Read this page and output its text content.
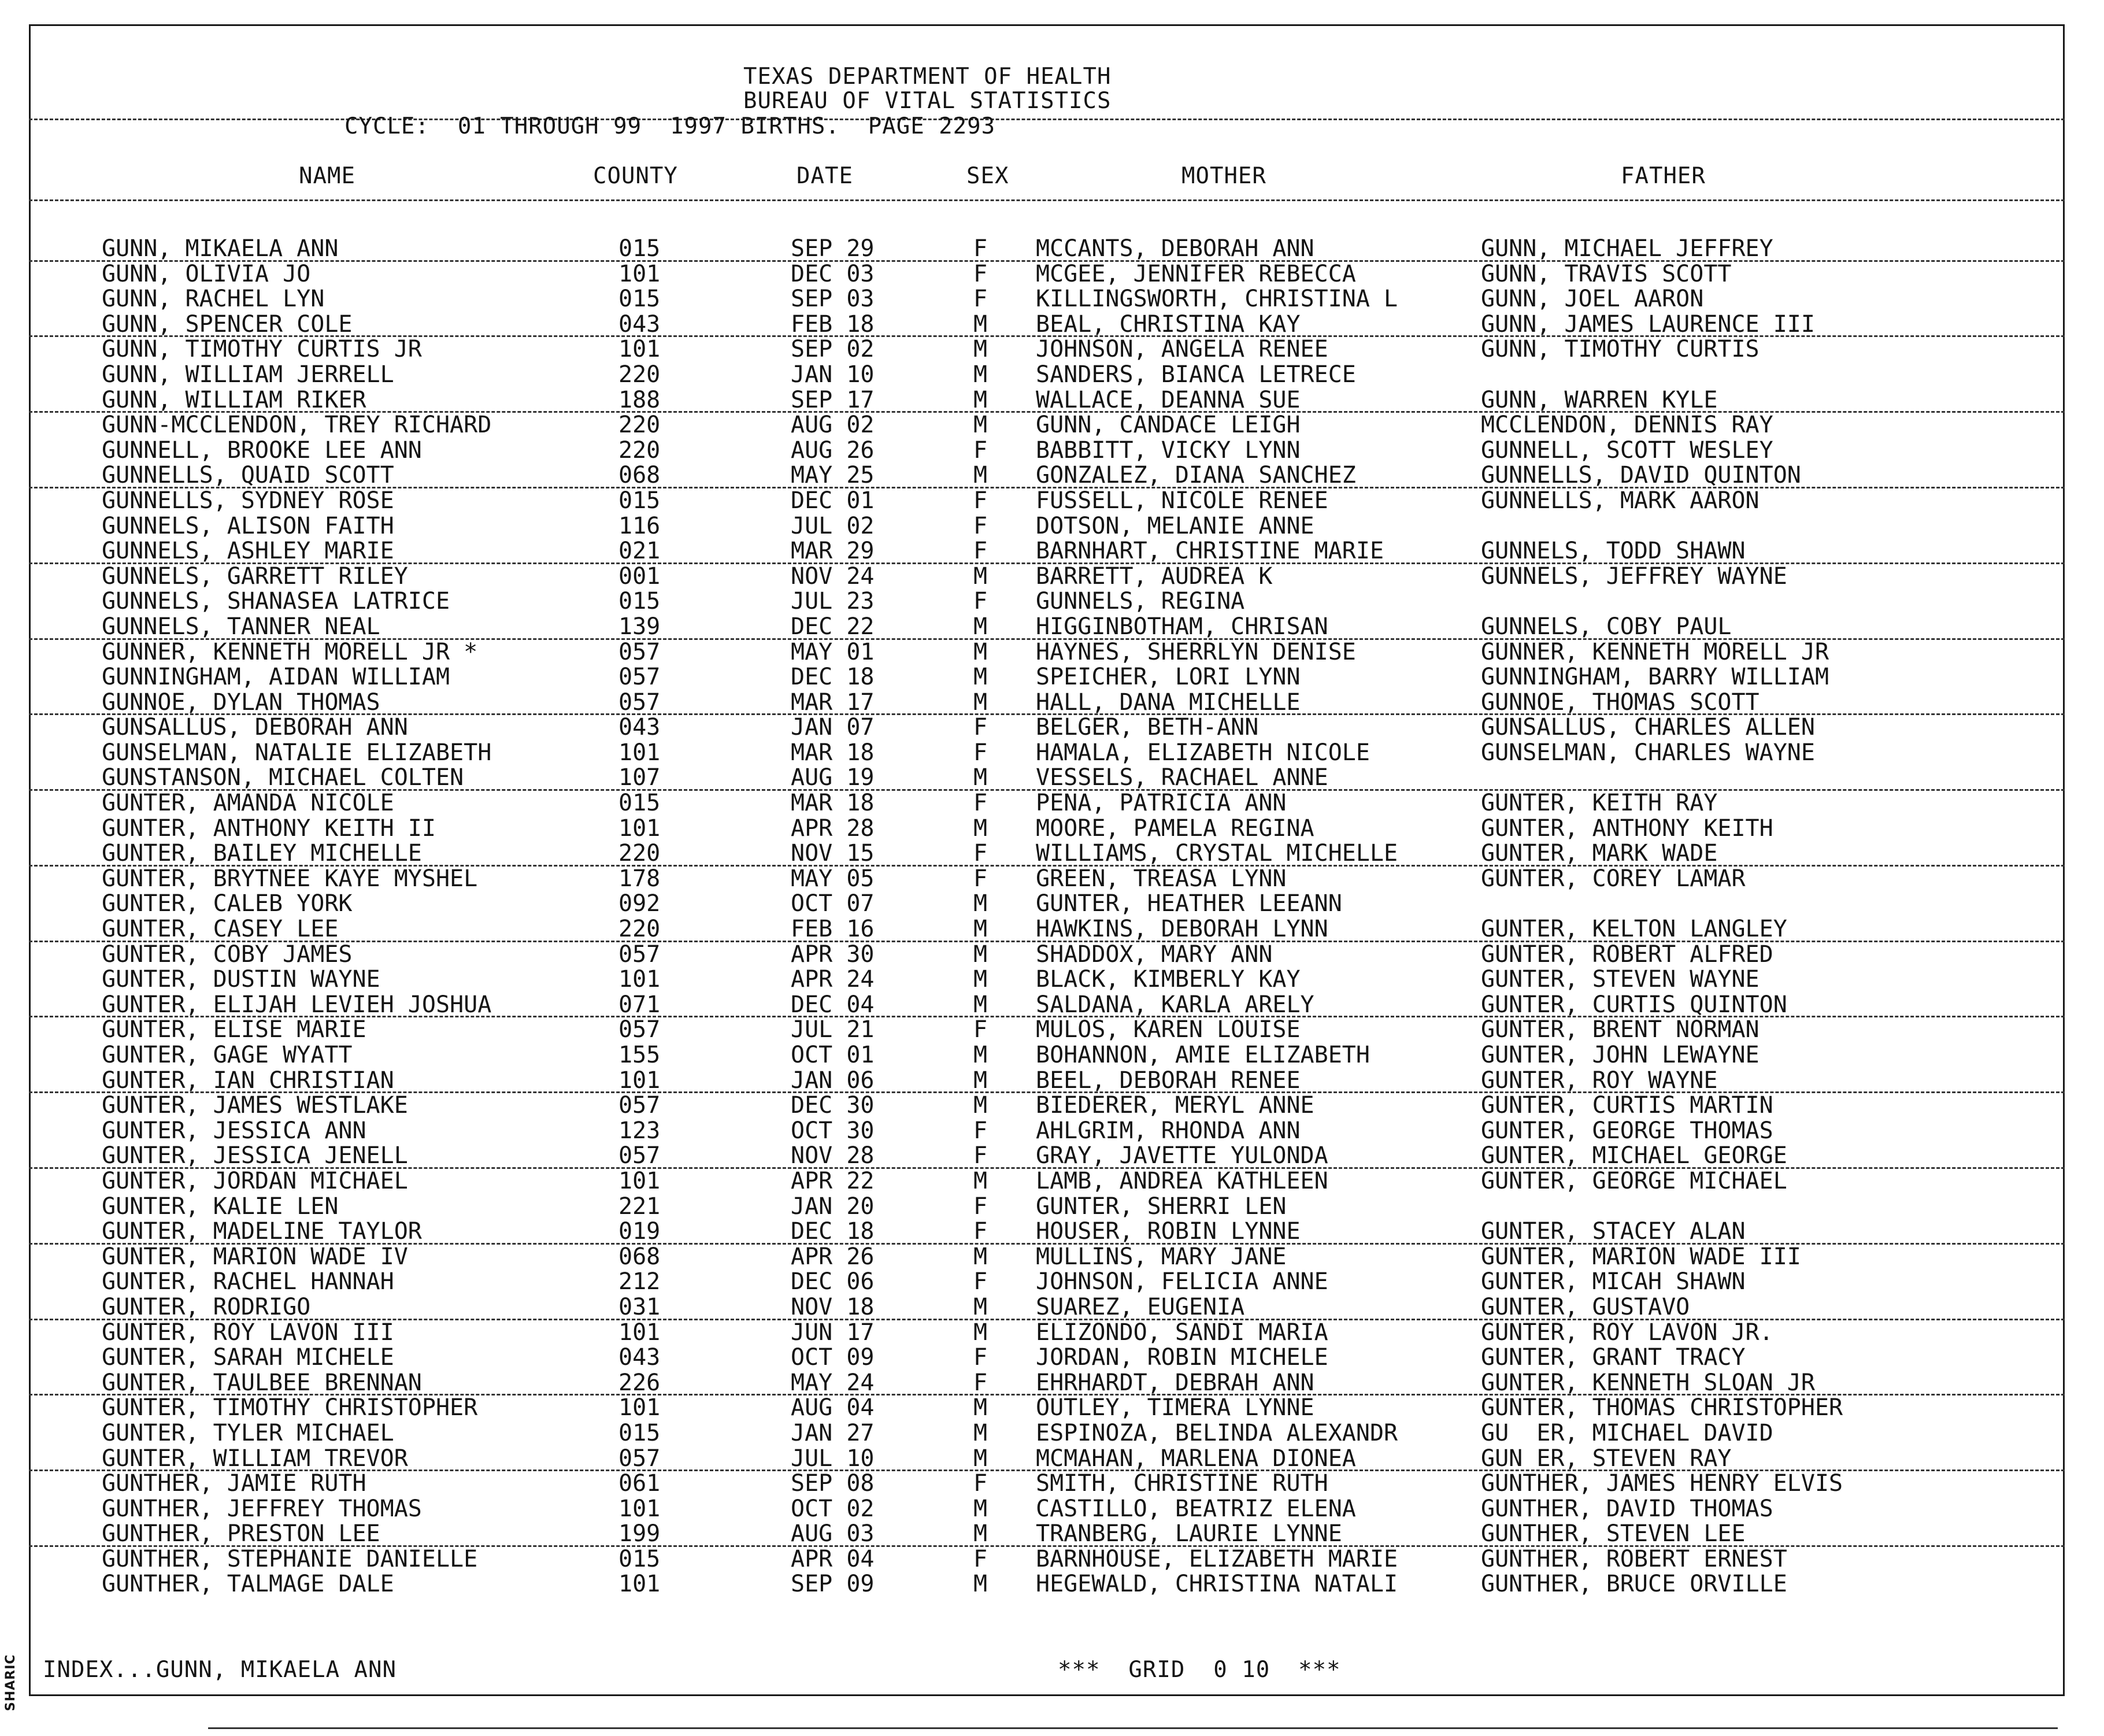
SHARIC
TEXAS DEPARTMENT OF HEALTH
BUREAU OF VITAL STATISTICS
CYCLE:  01 THROUGH 99  1997 BIRTHS.  PAGE 2293
NAME	COUNTY	DATE	SEX	MOTHER	FATHER
GUNN, MIKAELA ANN	015	SEP 29	F MCCANTS, DEBORAH ANN	GUNN, MICHAEL JEFFREY
GUNN, OLIVIA JO	101	DEC 03	F MCGEE, JENNIFER REBECCA	GUNN, TRAVIS SCOTT
GUNN, RACHEL LYN	015	SEP 03	F KILLINGSWORTH, CHRISTINA L	GUNN, JOEL AARON
GUNN, SPENCER COLE	043	FEB 18	M BEAL, CHRISTINA KAY	GUNN, JAMES LAURENCE III
GUNN, TIMOTHY CURTIS JR	101	SEP 02	M JOHNSON, ANGELA RENEE	GUNN, TIMOTHY CURTIS
GUNN, WILLIAM JERRELL	220	JAN 10	M SANDERS, BIANCA LETRECE
GUNN, WILLIAM RIKER	188	SEP 17	M WALLACE, DEANNA SUE	GUNN, WARREN KYLE
GUNN-MCCLENDON, TREY RICHARD	220	AUG 02	M GUNN, CANDACE LEIGH	MCCLENDON, DENNIS RAY
GUNNELL, BROOKE LEE ANN	220	AUG 26	F BABBITT, VICKY LYNN	GUNNELL, SCOTT WESLEY
GUNNELLS, QUAID SCOTT	068	MAY 25	M GONZALEZ, DIANA SANCHEZ	GUNNELLS, DAVID QUINTON
GUNNELLS, SYDNEY ROSE	015	DEC 01	F FUSSELL, NICOLE RENEE	GUNNELLS, MARK AARON
GUNNELS, ALISON FAITH	116	JUL 02	F DOTSON, MELANIE ANNE
GUNNELS, ASHLEY MARIE	021	MAR 29	F BARNHART, CHRISTINE MARIE	GUNNELS, TODD SHAWN
GUNNELS, GARRETT RILEY	001	NOV 24	M BARRETT, AUDREA K	GUNNELS, JEFFREY WAYNE
GUNNELS, SHANASEA LATRICE	015	JUL 23	F GUNNELS, REGINA
GUNNELS, TANNER NEAL	139	DEC 22	M HIGGINBOTHAM, CHRISAN	GUNNELS, COBY PAUL
GUNNER, KENNETH MORELL JR *	057	MAY 01	M HAYNES, SHERRLYN DENISE	GUNNER, KENNETH MORELL JR
GUNNINGHAM, AIDAN WILLIAM	057	DEC 18	M SPEICHER, LORI LYNN	GUNNINGHAM, BARRY WILLIAM
GUNNOE, DYLAN THOMAS	057	MAR 17	M HALL, DANA MICHELLE	GUNNOE, THOMAS SCOTT
GUNSALLUS, DEBORAH ANN	043	JAN 07	F BELGER, BETH-ANN	GUNSALLUS, CHARLES ALLEN
GUNSELMAN, NATALIE ELIZABETH	101	MAR 18	F HAMALA, ELIZABETH NICOLE	GUNSELMAN, CHARLES WAYNE
GUNSTANSON, MICHAEL COLTEN	107	AUG 19	M VESSELS, RACHAEL ANNE
GUNTER, AMANDA NICOLE	015	MAR 18	F PENA, PATRICIA ANN	GUNTER, KEITH RAY
GUNTER, ANTHONY KEITH II	101	APR 28	M MOORE, PAMELA REGINA	GUNTER, ANTHONY KEITH
GUNTER, BAILEY MICHELLE	220	NOV 15	F WILLIAMS, CRYSTAL MICHELLE	GUNTER, MARK WADE
GUNTER, BRYTNEE KAYE MYSHEL	178	MAY 05	F GREEN, TREASA LYNN	GUNTER, COREY LAMAR
GUNTER, CALEB YORK	092	OCT 07	M GUNTER, HEATHER LEEANN
GUNTER, CASEY LEE	220	FEB 16	M HAWKINS, DEBORAH LYNN	GUNTER, KELTON LANGLEY
GUNTER, COBY JAMES	057	APR 30	M SHADDOX, MARY ANN	GUNTER, ROBERT ALFRED
GUNTER, DUSTIN WAYNE	101	APR 24	M BLACK, KIMBERLY KAY	GUNTER, STEVEN WAYNE
GUNTER, ELIJAH LEVIEH JOSHUA	071	DEC 04	M SALDANA, KARLA ARELY	GUNTER, CURTIS QUINTON
GUNTER, ELISE MARIE	057	JUL 21	F MULOS, KAREN LOUISE	GUNTER, BRENT NORMAN
GUNTER, GAGE WYATT	155	OCT 01	M BOHANNON, AMIE ELIZABETH	GUNTER, JOHN LEWAYNE
GUNTER, IAN CHRISTIAN	101	JAN 06	M BEEL, DEBORAH RENEE	GUNTER, ROY WAYNE
GUNTER, JAMES WESTLAKE	057	DEC 30	M BIEDERER, MERYL ANNE	GUNTER, CURTIS MARTIN
GUNTER, JESSICA ANN	123	OCT 30	F AHLGRIM, RHONDA ANN	GUNTER, GEORGE THOMAS
GUNTER, JESSICA JENELL	057	NOV 28	F GRAY, JAVETTE YULONDA	GUNTER, MICHAEL GEORGE
GUNTER, JORDAN MICHAEL	101	APR 22	M LAMB, ANDREA KATHLEEN	GUNTER, GEORGE MICHAEL
GUNTER, KALIE LEN	221	JAN 20	F GUNTER, SHERRI LEN
GUNTER, MADELINE TAYLOR	019	DEC 18	F HOUSER, ROBIN LYNNE	GUNTER, STACEY ALAN
GUNTER, MARION WADE IV	068	APR 26	M MULLINS, MARY JANE	GUNTER, MARION WADE III
GUNTER, RACHEL HANNAH	212	DEC 06	F JOHNSON, FELICIA ANNE	GUNTER, MICAH SHAWN
GUNTER, RODRIGO	031	NOV 18	M SUAREZ, EUGENIA	GUNTER, GUSTAVO
GUNTER, ROY LAVON III	101	JUN 17	M ELIZONDO, SANDI MARIA	GUNTER, ROY LAVON JR.
GUNTER, SARAH MICHELE	043	OCT 09	F JORDAN, ROBIN MICHELE	GUNTER, GRANT TRACY
GUNTER, TAULBEE BRENNAN	226	MAY 24	F EHRHARDT, DEBRAH ANN	GUNTER, KENNETH SLOAN JR
GUNTER, TIMOTHY CHRISTOPHER	101	AUG 04	M OUTLEY, TIMERA LYNNE	GUNTER, THOMAS CHRISTOPHER
GUNTER, TYLER MICHAEL	015	JAN 27	M ESPINOZA, BELINDA ALEXANDR	GU  ER, MICHAEL DAVID
GUNTER, WILLIAM TREVOR	057	JUL 10	M MCMAHAN, MARLENA DIONEA	GUN ER, STEVEN RAY
GUNTHER, JAMIE RUTH	061	SEP 08	F SMITH, CHRISTINE RUTH	GUNTHER, JAMES HENRY ELVIS
GUNTHER, JEFFREY THOMAS	101	OCT 02	M CASTILLO, BEATRIZ ELENA	GUNTHER, DAVID THOMAS
GUNTHER, PRESTON LEE	199	AUG 03	M TRANBERG, LAURIE LYNNE	GUNTHER, STEVEN LEE
GUNTHER, STEPHANIE DANIELLE	015	APR 04	F BARNHOUSE, ELIZABETH MARIE	GUNTHER, ROBERT ERNEST
GUNTHER, TALMAGE DALE	101	SEP 09	M HEGEWALD, CHRISTINA NATALI	GUNTHER, BRUCE ORVILLE
INDEX...GUNN, MIKAELA ANN	***  GRID  0 10  ***
